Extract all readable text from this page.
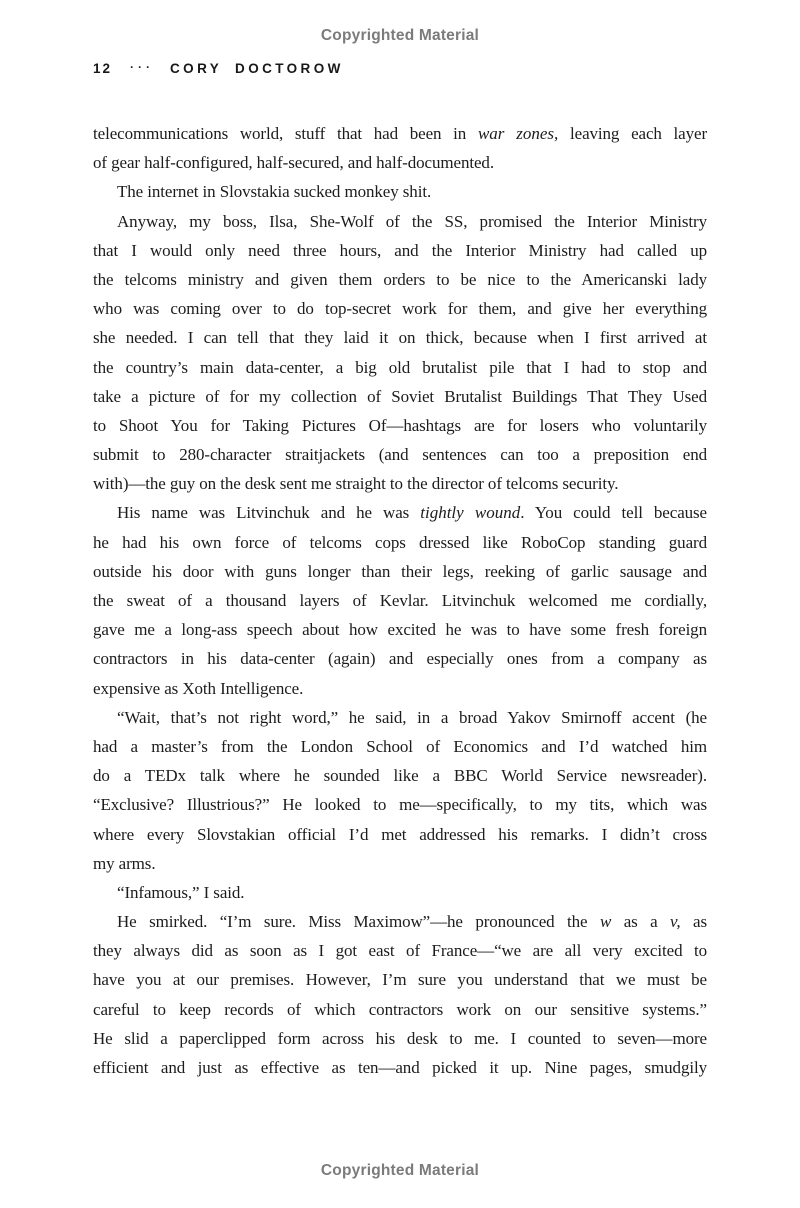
Copyrighted Material
12 ··· CORY DOCTOROW
telecommunications world, stuff that had been in war zones, leaving each layer
of gear half-configured, half-secured, and half-documented.
The internet in Slovstakia sucked monkey shit.
Anyway, my boss, Ilsa, She-Wolf of the SS, promised the Interior Ministry
that I would only need three hours, and the Interior Ministry had called up
the telcoms ministry and given them orders to be nice to the Americanski lady
who was coming over to do top-secret work for them, and give her everything
she needed. I can tell that they laid it on thick, because when I first arrived at
the country’s main data-center, a big old brutalist pile that I had to stop and
take a picture of for my collection of Soviet Brutalist Buildings That They Used
to Shoot You for Taking Pictures Of—hashtags are for losers who voluntarily
submit to 280-character straitjackets (and sentences can too a preposition end
with)—the guy on the desk sent me straight to the director of telcoms security.
His name was Litvinchuk and he was tightly wound. You could tell because
he had his own force of telcoms cops dressed like RoboCop standing guard
outside his door with guns longer than their legs, reeking of garlic sausage and
the sweat of a thousand layers of Kevlar. Litvinchuk welcomed me cordially,
gave me a long-ass speech about how excited he was to have some fresh foreign
contractors in his data-center (again) and especially ones from a company as
expensive as Xoth Intelligence.
“Wait, that’s not right word,” he said, in a broad Yakov Smirnoff accent (he
had a master’s from the London School of Economics and I’d watched him
do a TEDx talk where he sounded like a BBC World Service newsreader).
“Exclusive? Illustrious?” He looked to me—specifically, to my tits, which was
where every Slovstakian official I’d met addressed his remarks. I didn’t cross
my arms.
“Infamous,” I said.
He smirked. “I’m sure. Miss Maximow”—he pronounced the w as a v, as
they always did as soon as I got east of France—“we are all very excited to
have you at our premises. However, I’m sure you understand that we must be
careful to keep records of which contractors work on our sensitive systems.”
He slid a paperclipped form across his desk to me. I counted to seven—more
efficient and just as effective as ten—and picked it up. Nine pages, smudgily
Copyrighted Material
